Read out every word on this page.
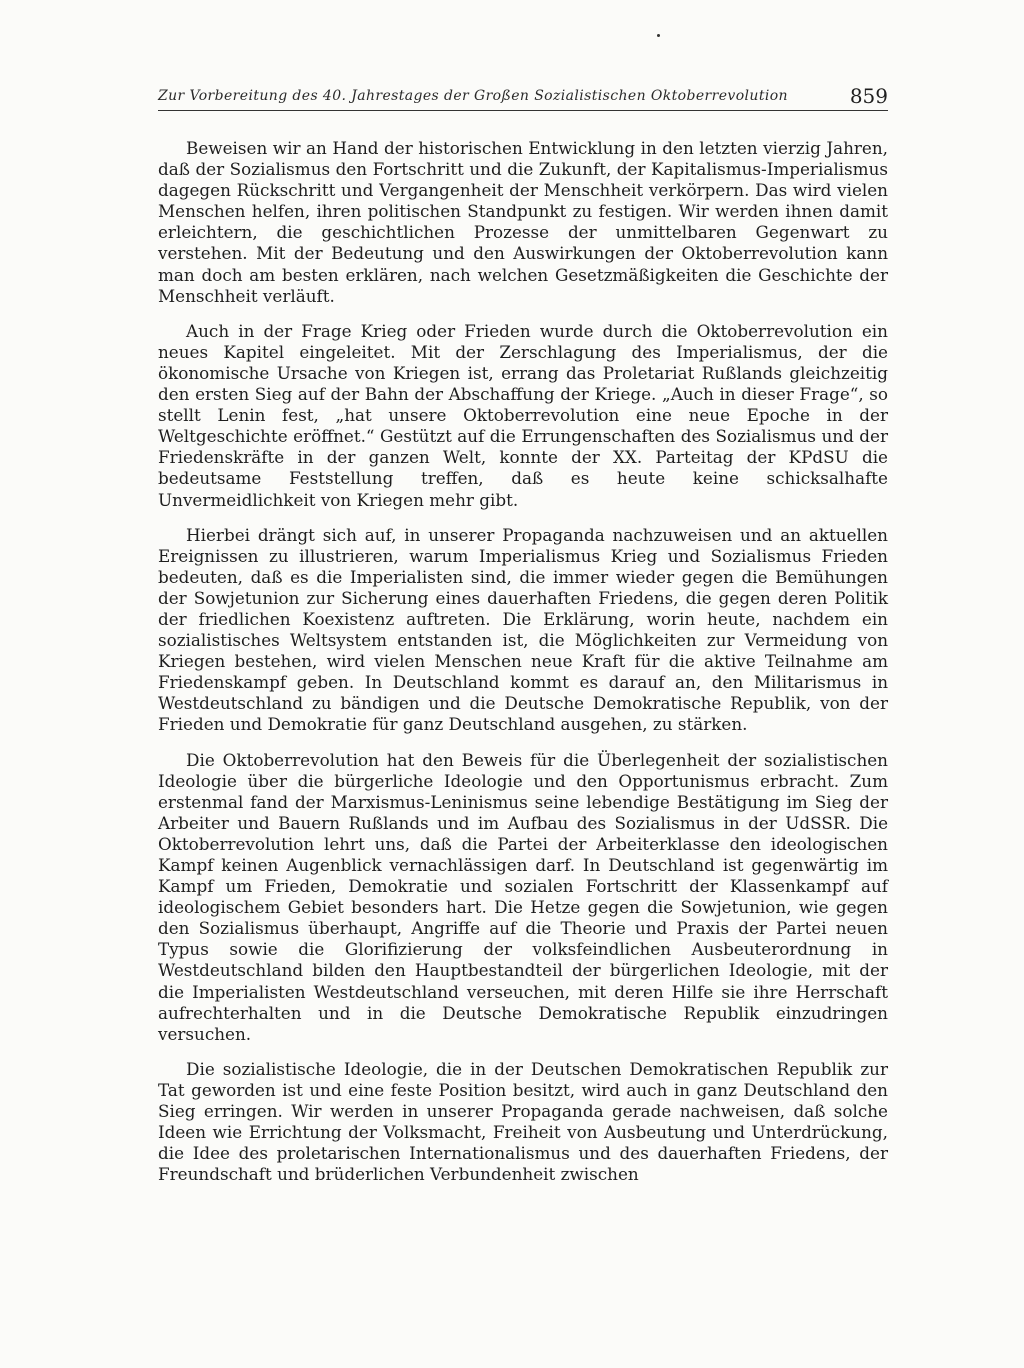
Zur Vorbereitung des 40. Jahrestages der Großen Sozialistischen Oktoberrevolution	859

Beweisen wir an Hand der historischen Entwicklung in den letzten vierzig Jahren, daß der Sozialismus den Fortschritt und die Zukunft, der Kapitalismus-Imperialismus dagegen Rückschritt und Vergangenheit der Menschheit verkörpern. Das wird vielen Menschen helfen, ihren politischen Standpunkt zu festigen. Wir werden ihnen damit erleichtern, die geschichtlichen Prozesse der unmittelbaren Gegenwart zu verstehen. Mit der Bedeutung und den Auswirkungen der Oktoberrevolution kann man doch am besten erklären, nach welchen Gesetzmäßigkeiten die Geschichte der Menschheit verläuft.

Auch in der Frage Krieg oder Frieden wurde durch die Oktoberrevolution ein neues Kapitel eingeleitet. Mit der Zerschlagung des Imperialismus, der die ökonomische Ursache von Kriegen ist, errang das Proletariat Rußlands gleichzeitig den ersten Sieg auf der Bahn der Abschaffung der Kriege. „Auch in dieser Frage“, so stellt Lenin fest, „hat unsere Oktoberrevolution eine neue Epoche in der Weltgeschichte eröffnet.“ Gestützt auf die Errungenschaften des Sozialismus und der Friedenskräfte in der ganzen Welt, konnte der XX. Parteitag der KPdSU die bedeutsame Feststellung treffen, daß es heute keine schicksalhafte Unvermeidlichkeit von Kriegen mehr gibt.

Hierbei drängt sich auf, in unserer Propaganda nachzuweisen und an aktuellen Ereignissen zu illustrieren, warum Imperialismus Krieg und Sozialismus Frieden bedeuten, daß es die Imperialisten sind, die immer wieder gegen die Bemühungen der Sowjetunion zur Sicherung eines dauerhaften Friedens, die gegen deren Politik der friedlichen Koexistenz auftreten. Die Erklärung, worin heute, nachdem ein sozialistisches Weltsystem entstanden ist, die Möglichkeiten zur Vermeidung von Kriegen bestehen, wird vielen Menschen neue Kraft für die aktive Teilnahme am Friedenskampf geben. In Deutschland kommt es darauf an, den Militarismus in Westdeutschland zu bändigen und die Deutsche Demokratische Republik, von der Frieden und Demokratie für ganz Deutschland ausgehen, zu stärken.

Die Oktoberrevolution hat den Beweis für die Überlegenheit der sozialistischen Ideologie über die bürgerliche Ideologie und den Opportunismus erbracht. Zum erstenmal fand der Marxismus-Leninismus seine lebendige Bestätigung im Sieg der Arbeiter und Bauern Rußlands und im Aufbau des Sozialismus in der UdSSR. Die Oktoberrevolution lehrt uns, daß die Partei der Arbeiterklasse den ideologischen Kampf keinen Augenblick vernachlässigen darf. In Deutschland ist gegenwärtig im Kampf um Frieden, Demokratie und sozialen Fortschritt der Klassenkampf auf ideologischem Gebiet besonders hart. Die Hetze gegen die Sowjetunion, wie gegen den Sozialismus überhaupt, Angriffe auf die Theorie und Praxis der Partei neuen Typus sowie die Glorifizierung der volksfeindlichen Ausbeuterordnung in Westdeutschland bilden den Hauptbestandteil der bürgerlichen Ideologie, mit der die Imperialisten Westdeutschland verseuchen, mit deren Hilfe sie ihre Herrschaft aufrechterhalten und in die Deutsche Demokratische Republik einzudringen versuchen.

Die sozialistische Ideologie, die in der Deutschen Demokratischen Republik zur Tat geworden ist und eine feste Position besitzt, wird auch in ganz Deutschland den Sieg erringen. Wir werden in unserer Propaganda gerade nachweisen, daß solche Ideen wie Errichtung der Volksmacht, Freiheit von Ausbeutung und Unterdrückung, die Idee des proletarischen Internationalismus und des dauerhaften Friedens, der Freundschaft und brüderlichen Verbundenheit zwischen
